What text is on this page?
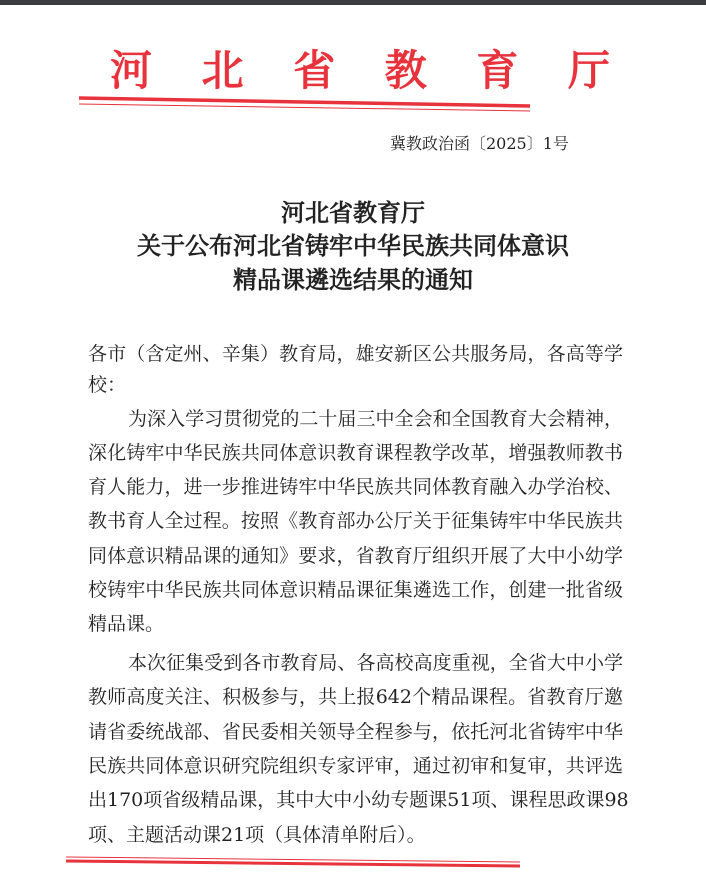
河 北 省 教 育 厅
冀教政治函〔2025〕1号
河北省教育厅
关于公布河北省铸牢中华民族共同体意识
精品课遴选结果的通知
各市（含定州、辛集）教育局，雄安新区公共服务局，各高等学
校：
为深入学习贯彻党的二十届三中全会和全国教育大会精神，
深化铸牢中华民族共同体意识教育课程教学改革，增强教师教书
育人能力，进一步推进铸牢中华民族共同体教育融入办学治校、
教书育人全过程。按照《教育部办公厅关于征集铸牢中华民族共
同体意识精品课的通知》要求，省教育厅组织开展了大中小幼学
校铸牢中华民族共同体意识精品课征集遴选工作，创建一批省级
精品课。
本次征集受到各市教育局、各高校高度重视，全省大中小学
教师高度关注、积极参与，共上报642个精品课程。省教育厅邀
请省委统战部、省民委相关领导全程参与，依托河北省铸牢中华
民族共同体意识研究院组织专家评审，通过初审和复审，共评选
出170项省级精品课，其中大中小幼专题课51项、课程思政课98
项、主题活动课21项（具体清单附后）。
